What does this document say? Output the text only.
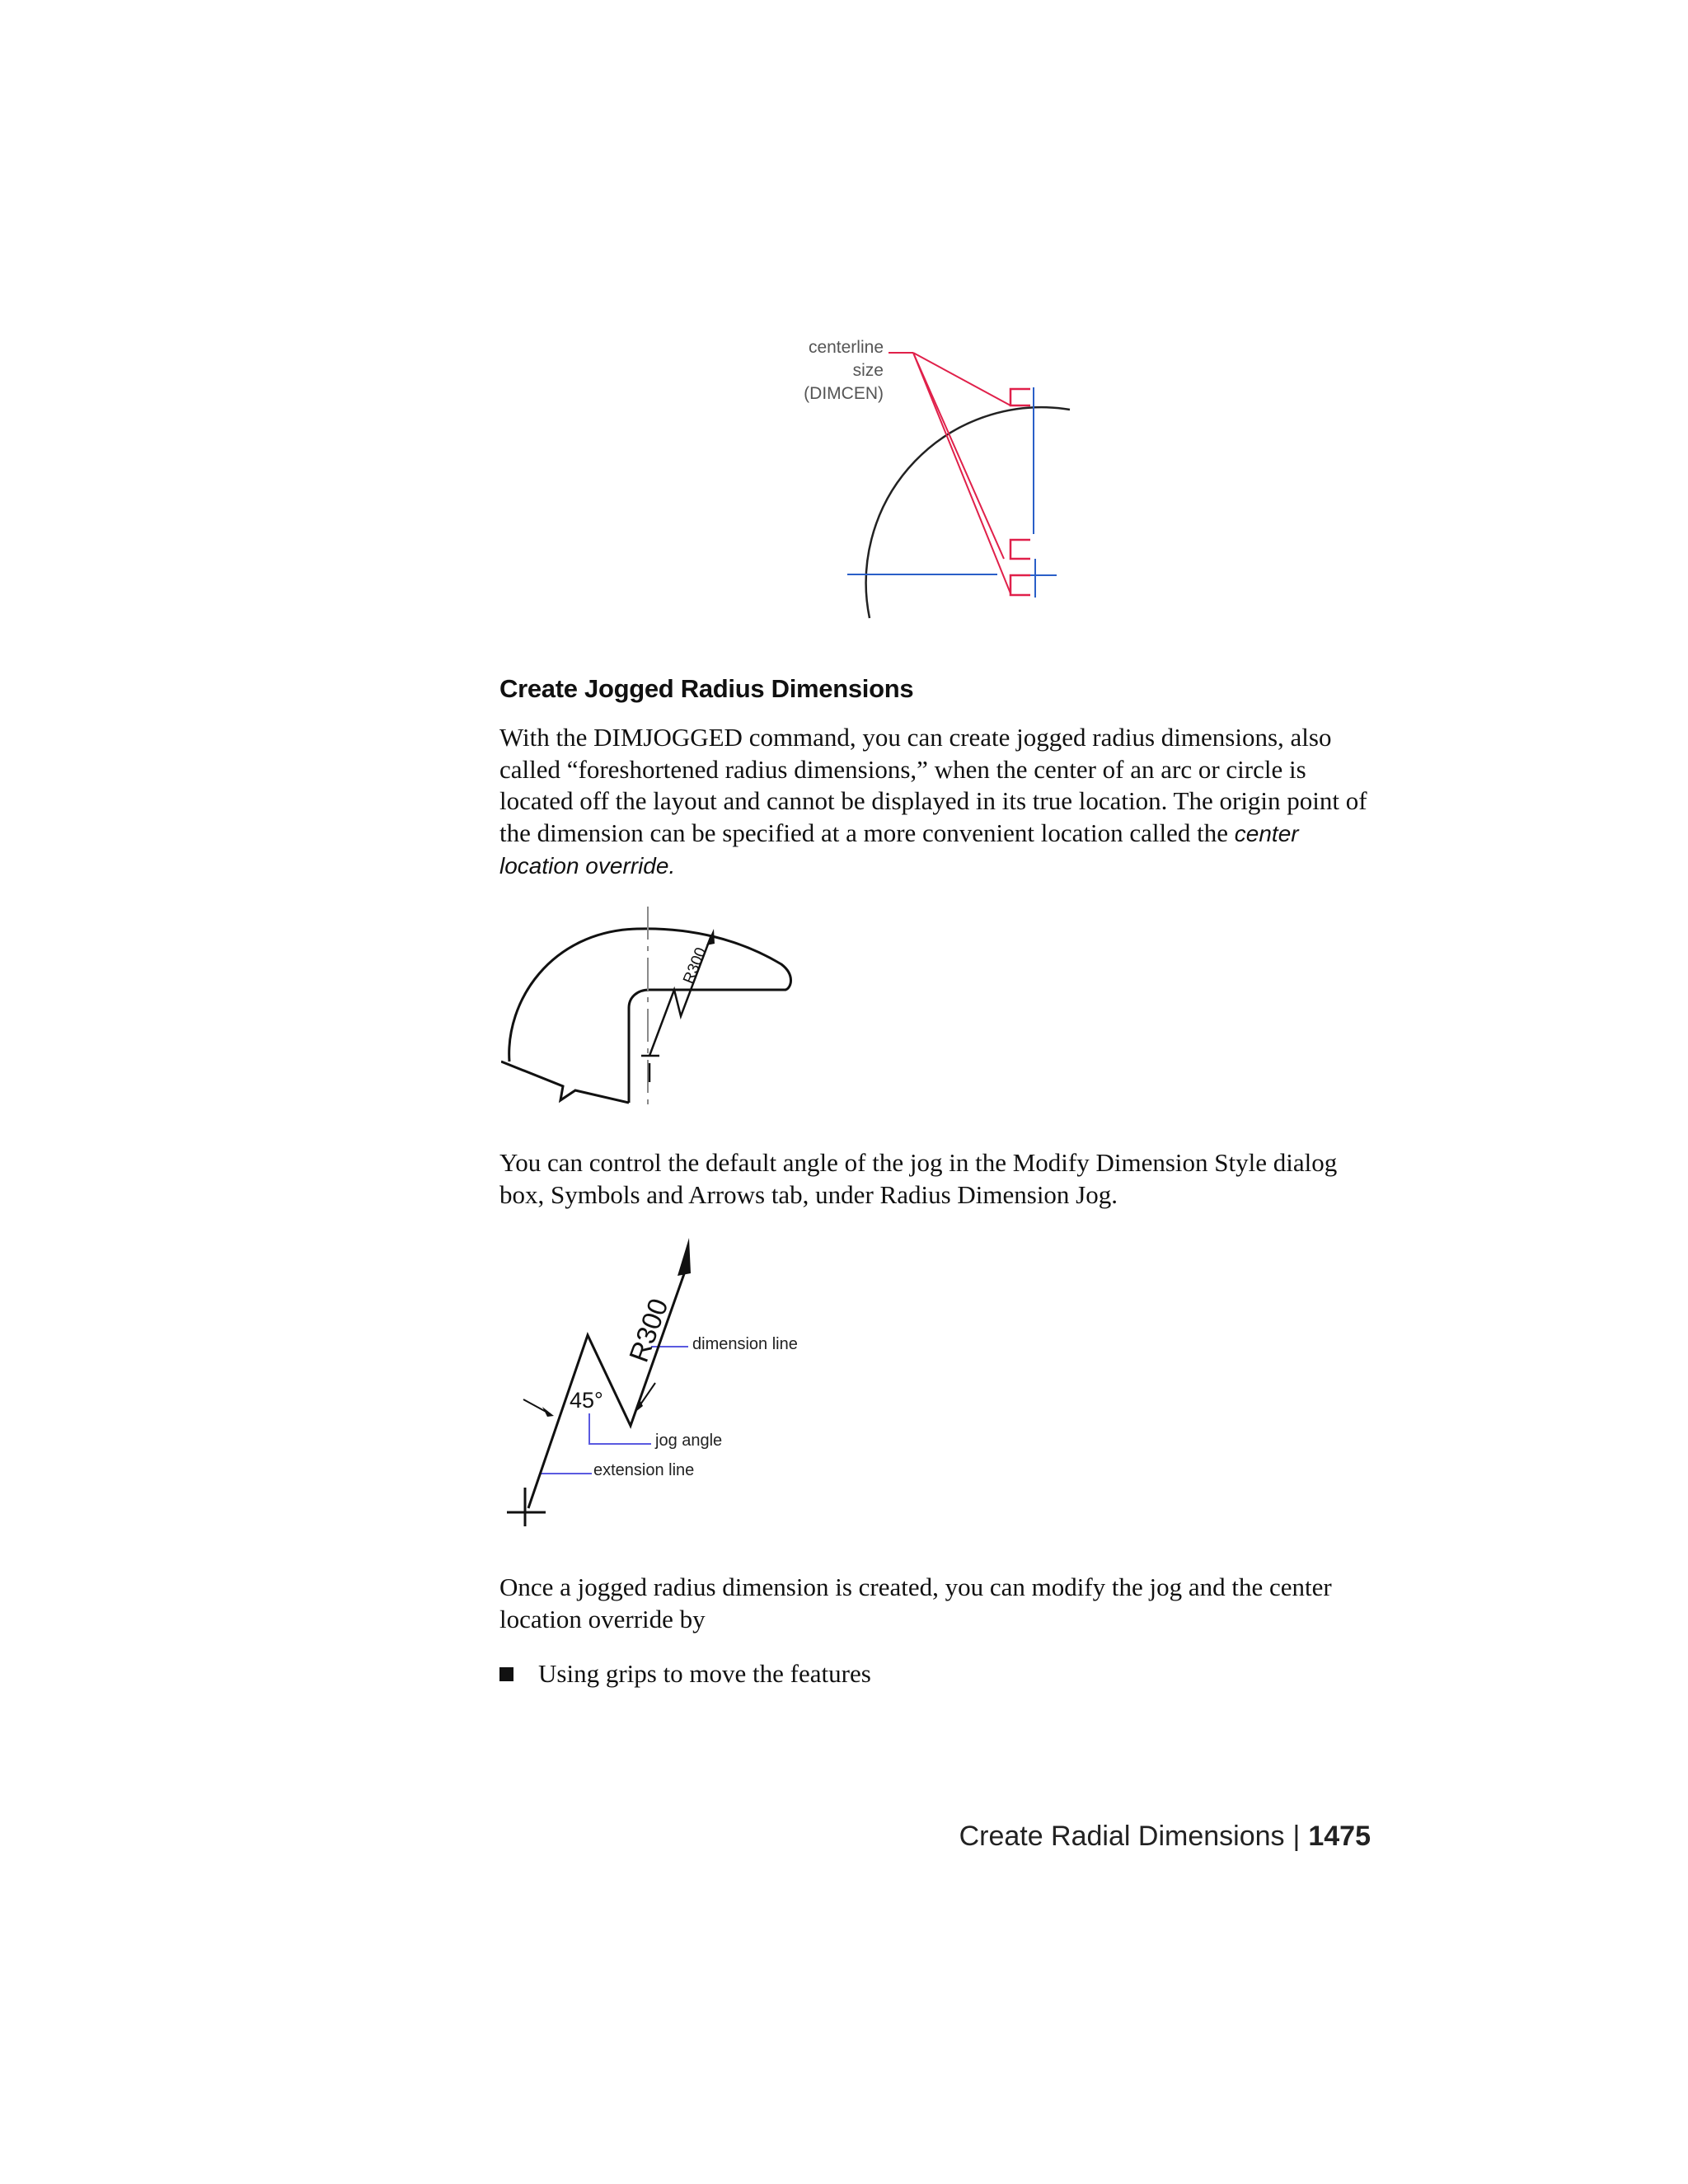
centerline
size
(DIMCEN)
Create Jogged Radius Dimensions
With the DIMJOGGED command, you can create jogged radius dimensions, also called “foreshortened radius dimensions,” when the center of an arc or circle is located off the layout and cannot be displayed in its true location. The origin point of the dimension can be specified at a more convenient location called the center location override.
R300
You can control the default angle of the jog in the Modify Dimension Style dialog box, Symbols and Arrows tab, under Radius Dimension Jog.
R300
45°
dimension line
jog angle
extension line
Once a jogged radius dimension is created, you can modify the jog and the center location override by
Using grips to move the features
Create Radial Dimensions | 1475
